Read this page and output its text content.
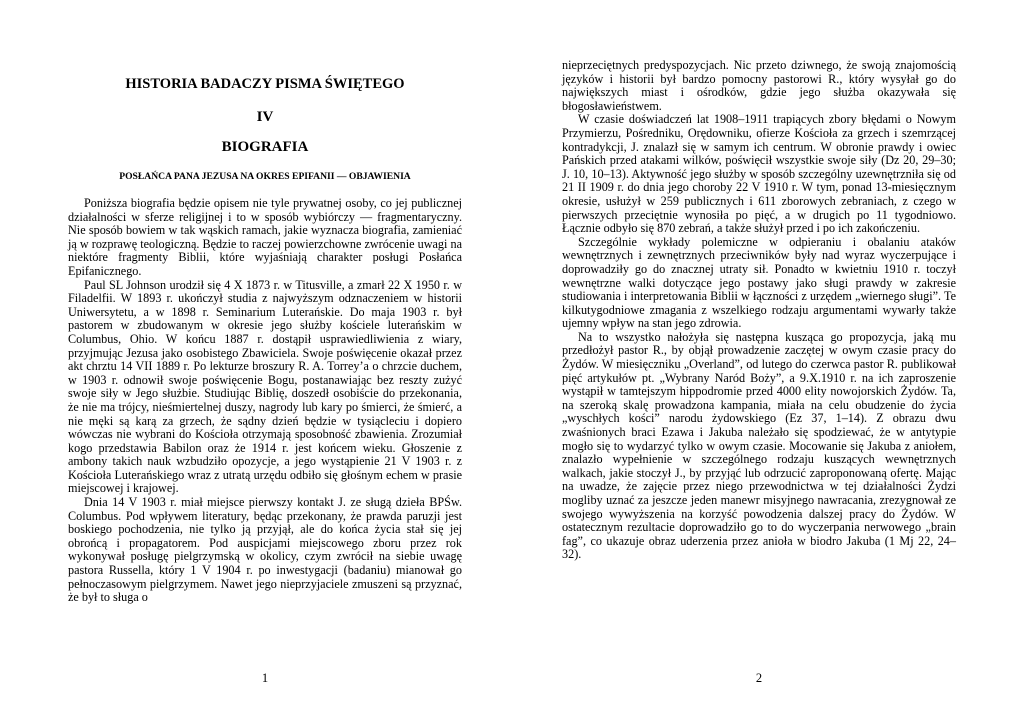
HISTORIA BADACZY PISMA ŚWIĘTEGO
IV
BIOGRAFIA
POSŁAŃCA PANA JEZUSA NA OKRES EPIFANII — OBJAWIENIA

Poniższa biografia będzie opisem nie tyle prywatnej osoby, co jej publicznej działalności w sferze religijnej i to w sposób wybiórczy — fragmentaryczny. Nie sposób bowiem w tak wąskich ramach, jakie wyznacza biografia, zamieniać ją w rozprawę teologiczną. Będzie to raczej powierzchowne zwrócenie uwagi na niektóre fragmenty Biblii, które wyjaśniają charakter posługi Posłańca Epifanicznego.

Paul SL Johnson urodził się 4 X 1873 r. w Titusville, a zmarł 22 X 1950 r. w Filadelfii. W 1893 r. ukończył studia z najwyższym odznaczeniem w historii Uniwersytetu, a w 1898 r. Seminarium Luterańskie. Do maja 1903 r. był pastorem w zbudowanym w okresie jego służby kościele luterańskim w Columbus, Ohio. W końcu 1887 r. dostąpił usprawiedliwienia z wiary, przyjmując Jezusa jako osobistego Zbawiciela. Swoje poświęcenie okazał przez akt chrztu 14 VII 1889 r. Po lekturze broszury R. A. Torrey’a o chrzcie duchem, w 1903 r. odnowił swoje poświęcenie Bogu, postanawiając bez reszty zużyć swoje siły w Jego służbie. Studiując Biblię, doszedł osobiście do przekonania, że nie ma trójcy, nieśmiertelnej duszy, nagrody lub kary po śmierci, że śmierć, a nie męki są karą za grzech, że sądny dzień będzie w tysiącleciu i dopiero wówczas nie wybrani do Kościoła otrzymają sposobność zbawienia. Zrozumiał kogo przedstawia Babilon oraz że 1914 r. jest końcem wieku. Głoszenie z ambony takich nauk wzbudziło opozycje, a jego wystąpienie 21 V 1903 r. z Kościoła Luterańskiego wraz z utratą urzędu odbiło się głośnym echem w prasie miejscowej i krajowej.

Dnia 14 V 1903 r. miał miejsce pierwszy kontakt J. ze sługą dzieła BPŚw. Columbus. Pod wpływem literatury, będąc przekonany, że prawda paruzji jest boskiego pochodzenia, nie tylko ją przyjął, ale do końca życia stał się jej obrońcą i propagatorem. Pod auspicjami miejscowego zboru przez rok wykonywał posługę pielgrzymską w okolicy, czym zwrócił na siebie uwagę pastora Russella, który 1 V 1904 r. po inwestygacji (badaniu) mianował go pełnoczasowym pielgrzymem. Nawet jego nieprzyjaciele zmuszeni są przyznać, że był to sługa o

1

nieprzeciętnych predyspozycjach. Nic przeto dziwnego, że swoją znajomością języków i historii był bardzo pomocny pastorowi R., który wysyłał go do największych miast i ośrodków, gdzie jego służba okazywała się błogosławieństwem.

W czasie doświadczeń lat 1908–1911 trapiących zbory błędami o Nowym Przymierzu, Pośredniku, Orędowniku, ofierze Kościoła za grzech i szemrzącej kontradykcji, J. znalazł się w samym ich centrum. W obronie prawdy i owiec Pańskich przed atakami wilków, poświęcił wszystkie swoje siły (Dz 20, 29–30; J. 10, 10–13). Aktywność jego służby w sposób szczególny uzewnętrzniła się od 21 II 1909 r. do dnia jego choroby 22 V 1910 r. W tym, ponad 13-miesięcznym okresie, usłużył w 259 publicznych i 611 zborowych zebraniach, z czego w pierwszych przeciętnie wynosiła po pięć, a w drugich po 11 tygodniowo. Łącznie odbyło się 870 zebrań, a także służył przed i po ich zakończeniu.

Szczególnie wykłady polemiczne w odpieraniu i obalaniu ataków wewnętrznych i zewnętrznych przeciwników były nad wyraz wyczerpujące i doprowadziły go do znacznej utraty sił. Ponadto w kwietniu 1910 r. toczył wewnętrzne walki dotyczące jego postawy jako sługi prawdy w zakresie studiowania i interpretowania Biblii w łączności z urzędem „wiernego sługi”. Te kilkutygodniowe zmagania z wszelkiego rodzaju argumentami wywarły także ujemny wpływ na stan jego zdrowia.

Na to wszystko nałożyła się następna kusząca go propozycja, jaką mu przedłożył pastor R., by objął prowadzenie zaczętej w owym czasie pracy do Żydów. W miesięczniku „Overland”, od lutego do czerwca pastor R. publikował pięć artykułów pt. „Wybrany Naród Boży”, a 9.X.1910 r. na ich zaproszenie wystąpił w tamtejszym hippodromie przed 4000 elity nowojorskich Żydów. Ta, na szeroką skalę prowadzona kampania, miała na celu obudzenie do życia „wyschłych kości” narodu żydowskiego (Ez 37, 1–14). Z obrazu dwu zwaśnionych braci Ezawa i Jakuba należało się spodziewać, że w antytypie mogło się to wydarzyć tylko w owym czasie. Mocowanie się Jakuba z aniołem, znalazło wypełnienie w szczególnego rodzaju kuszących wewnętrznych walkach, jakie stoczył J., by przyjąć lub odrzucić zaproponowaną ofertę. Mając na uwadze, że zajęcie przez niego przewodnictwa w tej działalności Żydzi mogliby uznać za jeszcze jeden manewr misyjnego nawracania, zrezygnował ze swojego wywyższenia na korzyść powodzenia dalszej pracy do Żydów. W ostatecznym rezultacie doprowadziło go to do wyczerpania nerwowego „brain fag”, co ukazuje obraz uderzenia przez anioła w biodro Jakuba (1 Mj 22, 24–32).

2
